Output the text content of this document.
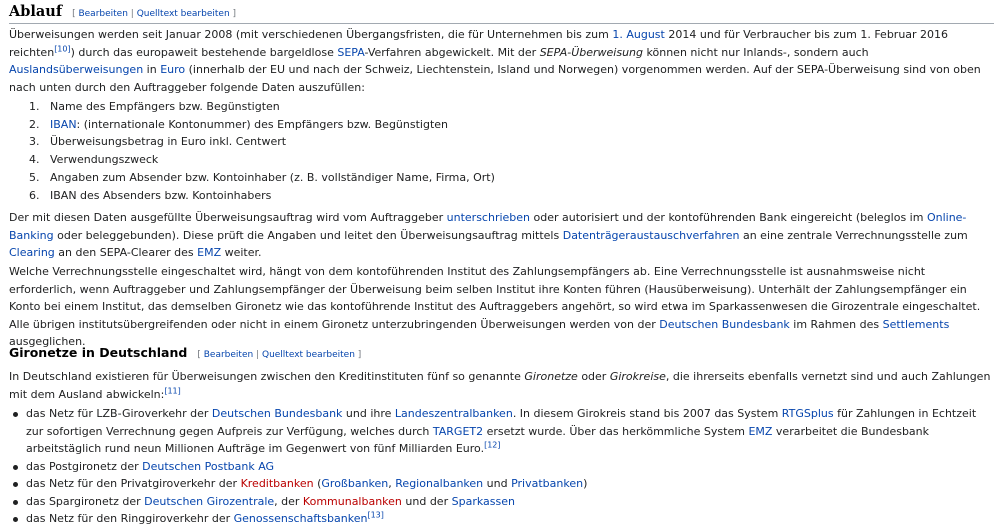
Ablauf [ Bearbeiten | Quelltext bearbeiten ]

Überweisungen werden seit Januar 2008 (mit verschiedenen Übergangsfristen, die für Unternehmen bis zum 1. August 2014 und für Verbraucher bis zum 1. Februar 2016 reichten[10]) durch das europaweit bestehende bargeldlose SEPA-Verfahren abgewickelt. Mit der SEPA-Überweisung können nicht nur Inlands-, sondern auch Auslandsüberweisungen in Euro (innerhalb der EU und nach der Schweiz, Liechtenstein, Island und Norwegen) vorgenommen werden. Auf der SEPA-Überweisung sind von oben nach unten durch den Auftraggeber folgende Daten auszufüllen:

1. Name des Empfängers bzw. Begünstigten
2. IBAN: (internationale Kontonummer) des Empfängers bzw. Begünstigten
3. Überweisungsbetrag in Euro inkl. Centwert
4. Verwendungszweck
5. Angaben zum Absender bzw. Kontoinhaber (z. B. vollständiger Name, Firma, Ort)
6. IBAN des Absenders bzw. Kontoinhabers

Der mit diesen Daten ausgefüllte Überweisungsauftrag wird vom Auftraggeber unterschrieben oder autorisiert und der kontoführenden Bank eingereicht (beleglos im Online-Banking oder beleggebunden). Diese prüft die Angaben und leitet den Überweisungsauftrag mittels Datenträgeraustauschverfahren an eine zentrale Verrechnungsstelle zum Clearing an den SEPA-Clearer des EMZ weiter.

Welche Verrechnungsstelle eingeschaltet wird, hängt von dem kontoführenden Institut des Zahlungsempfängers ab. Eine Verrechnungsstelle ist ausnahmsweise nicht erforderlich, wenn Auftraggeber und Zahlungsempfänger der Überweisung beim selben Institut ihre Konten führen (Hausüberweisung). Unterhält der Zahlungsempfänger ein Konto bei einem Institut, das demselben Gironetz wie das kontoführende Institut des Auftraggebers angehört, so wird etwa im Sparkassenwesen die Girozentrale eingeschaltet. Alle übrigen institutsübergreifenden oder nicht in einem Gironetz unterzubringenden Überweisungen werden von der Deutschen Bundesbank im Rahmen des Settlements ausgeglichen.

Gironetze in Deutschland [ Bearbeiten | Quelltext bearbeiten ]

In Deutschland existieren für Überweisungen zwischen den Kreditinstituten fünf so genannte Gironetze oder Girokreise, die ihrerseits ebenfalls vernetzt sind und auch Zahlungen mit dem Ausland abwickeln:[11]

das Netz für LZB-Giroverkehr der Deutschen Bundesbank und ihre Landeszentralbanken. In diesem Girokreis stand bis 2007 das System RTGSplus für Zahlungen in Echtzeit zur sofortigen Verrechnung gegen Aufpreis zur Verfügung, welches durch TARGET2 ersetzt wurde. Über das herkömmliche System EMZ verarbeitet die Bundesbank arbeitstäglich rund neun Millionen Aufträge im Gegenwert von fünf Milliarden Euro.[12]
das Postgironetz der Deutschen Postbank AG
das Netz für den Privatgiroverkehr der Kreditbanken (Großbanken, Regionalbanken und Privatbanken)
das Spargironetz der Deutschen Girozentrale, der Kommunalbanken und der Sparkassen
das Netz für den Ringgiroverkehr der Genossenschaftsbanken[13]
